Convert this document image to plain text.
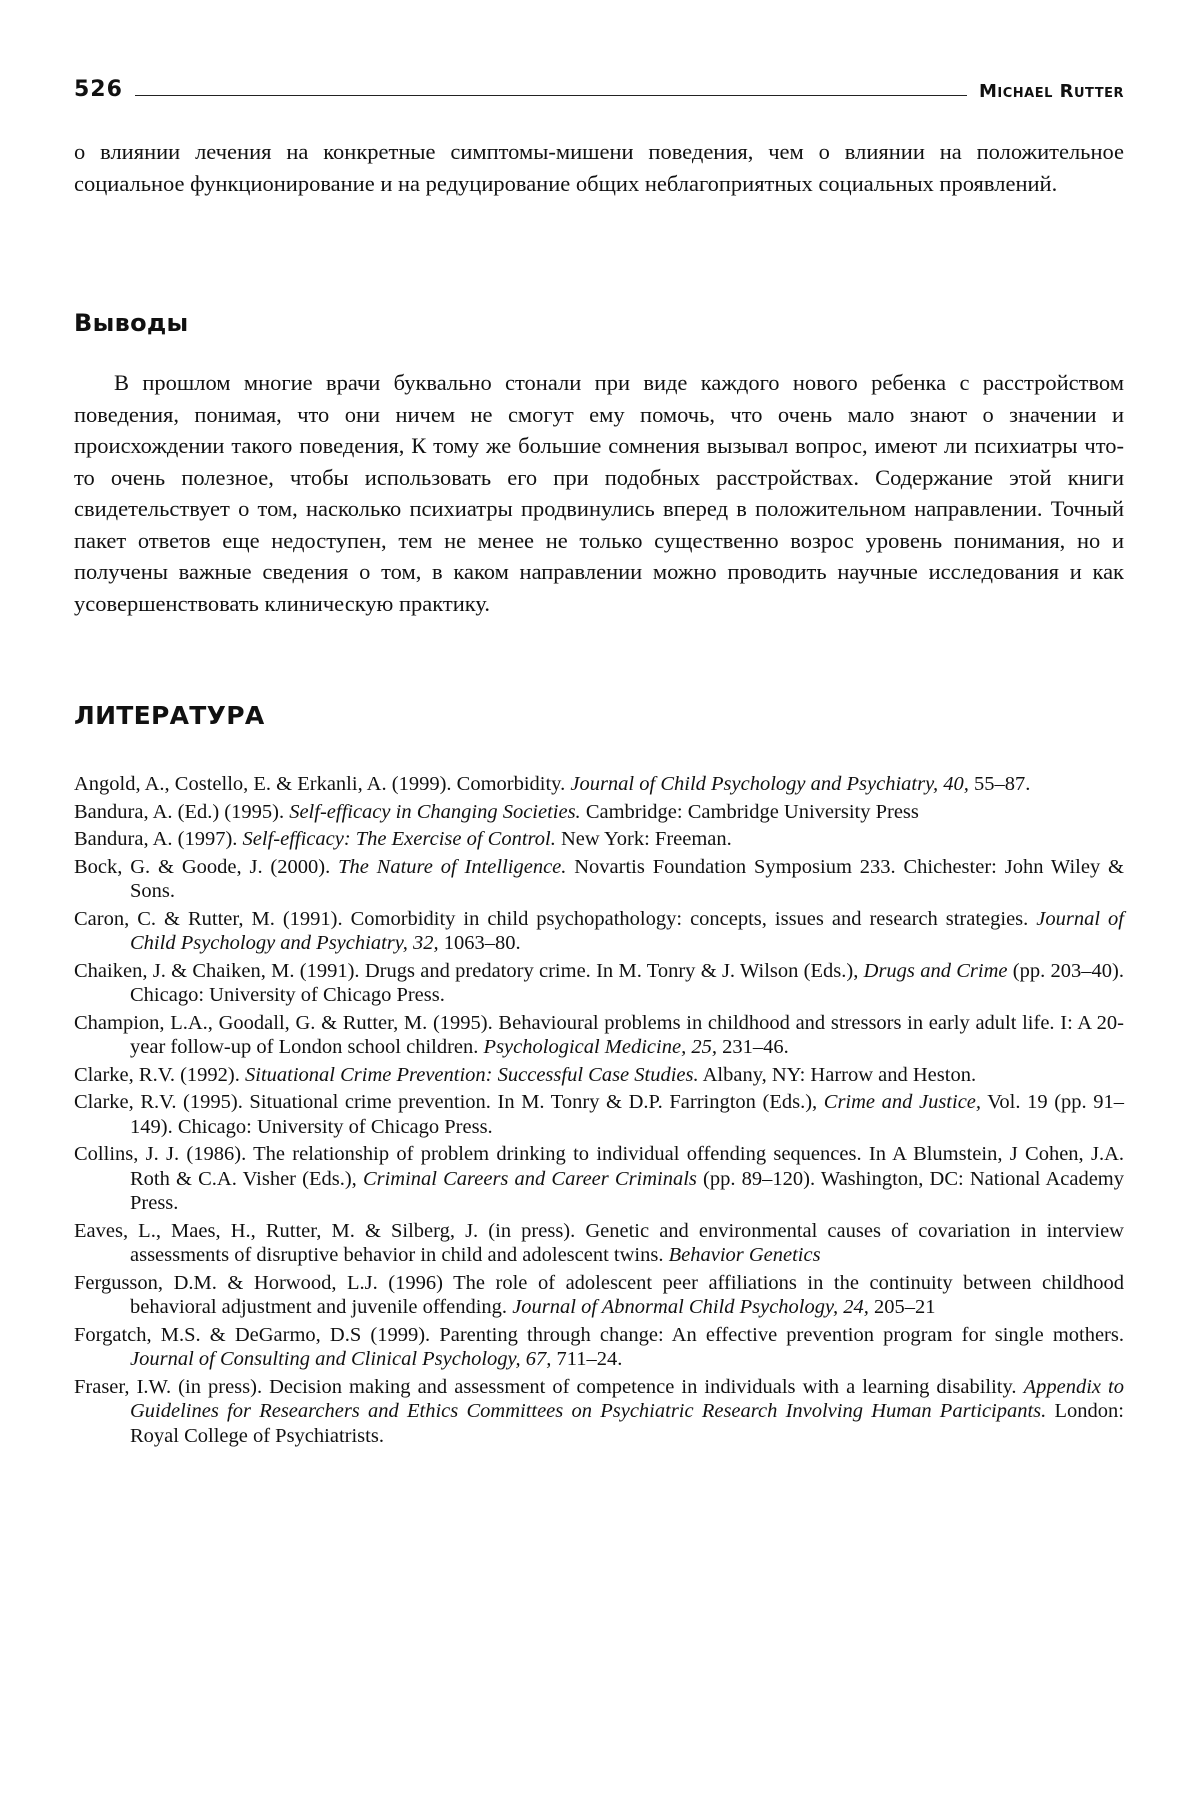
526	Michael Rutter

о влиянии лечения на конкретные симптомы-мишени поведения, чем о влиянии на положительное социальное функционирование и на редуцирование общих неблагоприятных социальных проявлений.

Выводы

В прошлом многие врачи буквально стонали при виде каждого нового ребенка с расстройством поведения, понимая, что они ничем не смогут ему помочь, что очень мало знают о значении и происхождении такого поведения, К тому же большие сомнения вызывал вопрос, имеют ли психиатры что-то очень полезное, чтобы использовать его при подобных расстройствах. Содержание этой книги свидетельствует о том, насколько психиатры продвинулись вперед в положительном направлении. Точный пакет ответов еще недоступен, тем не менее не только существенно возрос уровень понимания, но и получены важные сведения о том, в каком направлении можно проводить научные исследования и как усовершенствовать клиническую практику.

ЛИТЕРАТУРА
Angold, A., Costello, E. & Erkanli, A. (1999). Comorbidity. Journal of Child Psychology and Psychiatry, 40, 55–87.
Bandura, A. (Ed.) (1995). Self-efficacy in Changing Societies. Cambridge: Cambridge University Press
Bandura, A. (1997). Self-efficacy: The Exercise of Control. New York: Freeman.
Bock, G. & Goode, J. (2000). The Nature of Intelligence. Novartis Foundation Symposium 233. Chichester: John Wiley & Sons.
Caron, C. & Rutter, M. (1991). Comorbidity in child psychopathology: concepts, issues and research strategies. Journal of Child Psychology and Psychiatry, 32, 1063–80.
Chaiken, J. & Chaiken, M. (1991). Drugs and predatory crime. In M. Tonry & J. Wilson (Eds.), Drugs and Crime (pp. 203–40). Chicago: University of Chicago Press.
Champion, L.A., Goodall, G. & Rutter, M. (1995). Behavioural problems in childhood and stressors in early adult life. I: A 20-year follow-up of London school children. Psychological Medicine, 25, 231–46.
Clarke, R.V. (1992). Situational Crime Prevention: Successful Case Studies. Albany, NY: Harrow and Heston.
Clarke, R.V. (1995). Situational crime prevention. In M. Tonry & D.P. Farrington (Eds.), Crime and Justice, Vol. 19 (pp. 91–149). Chicago: University of Chicago Press.
Collins, J. J. (1986). The relationship of problem drinking to individual offending sequences. In A Blumstein, J Cohen, J.A. Roth & C.A. Visher (Eds.), Criminal Careers and Career Criminals (pp. 89–120). Washington, DC: National Academy Press.
Eaves, L., Maes, H., Rutter, M. & Silberg, J. (in press). Genetic and environmental causes of covariation in interview assessments of disruptive behavior in child and adolescent twins. Behavior Genetics
Fergusson, D.M. & Horwood, L.J. (1996) The role of adolescent peer affiliations in the continuity between childhood behavioral adjustment and juvenile offending. Journal of Abnormal Child Psychology, 24, 205–21
Forgatch, M.S. & DeGarmo, D.S (1999). Parenting through change: An effective prevention program for single mothers. Journal of Consulting and Clinical Psychology, 67, 711–24.
Fraser, I.W. (in press). Decision making and assessment of competence in individuals with a learning disability. Appendix to Guidelines for Researchers and Ethics Committees on Psychiatric Research Involving Human Participants. London: Royal College of Psychiatrists.
